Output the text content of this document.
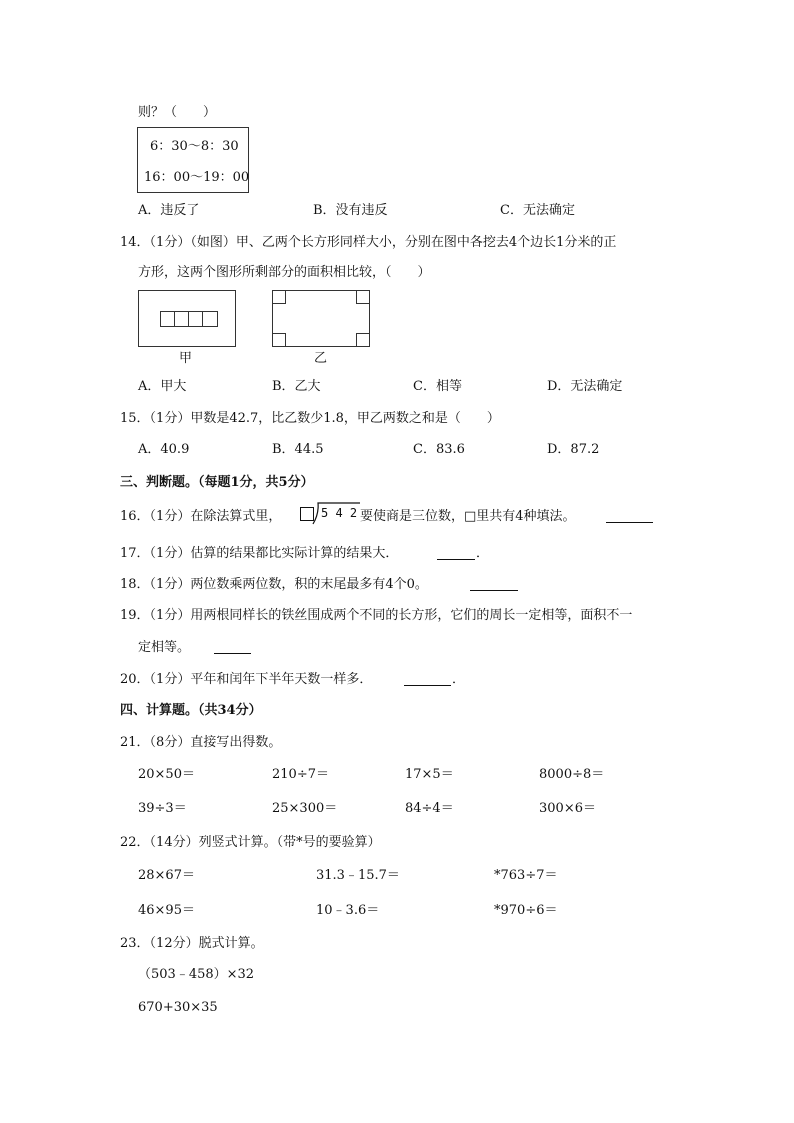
则？（　　）
6：30～8：30
16：00～19：00
A．违反了	B．没有违反	C．无法确定
14．（1分）（如图）甲、乙两个长方形同样大小，分别在图中各挖去4个边长1分米的正
方形，这两个图形所剩部分的面积相比较，（　　）
甲	乙
A．甲大	B．乙大	C．相等	D．无法确定
15．（1分）甲数是42.7，比乙数少1.8，甲乙两数之和是（　　）
A．40.9	B．44.5	C．83.6	D．87.2
三、判断题。（每题1分，共5分）
16．（1分）在除法算式里，	5 4 2 要使商是三位数，□里共有4种填法。
17．（1分）估算的结果都比实际计算的结果大．	．
18．（1分）两位数乘两位数，积的末尾最多有4个0。
19．（1分）用两根同样长的铁丝围成两个不同的长方形，它们的周长一定相等，面积不一
定相等。
20．（1分）平年和闰年下半年天数一样多．	．
四、计算题。（共34分）
21．（8分）直接写出得数。
20×50＝	210÷7＝	17×5＝	8000÷8＝
39÷3＝	25×300＝	84÷4＝	300×6＝
22．（14分）列竖式计算。（带*号的要验算）
28×67＝	31.3﹣15.7＝	*763÷7＝
46×95＝	10﹣3.6＝	*970÷6＝
23．（12分）脱式计算。
（503﹣458）×32
670+30×35
